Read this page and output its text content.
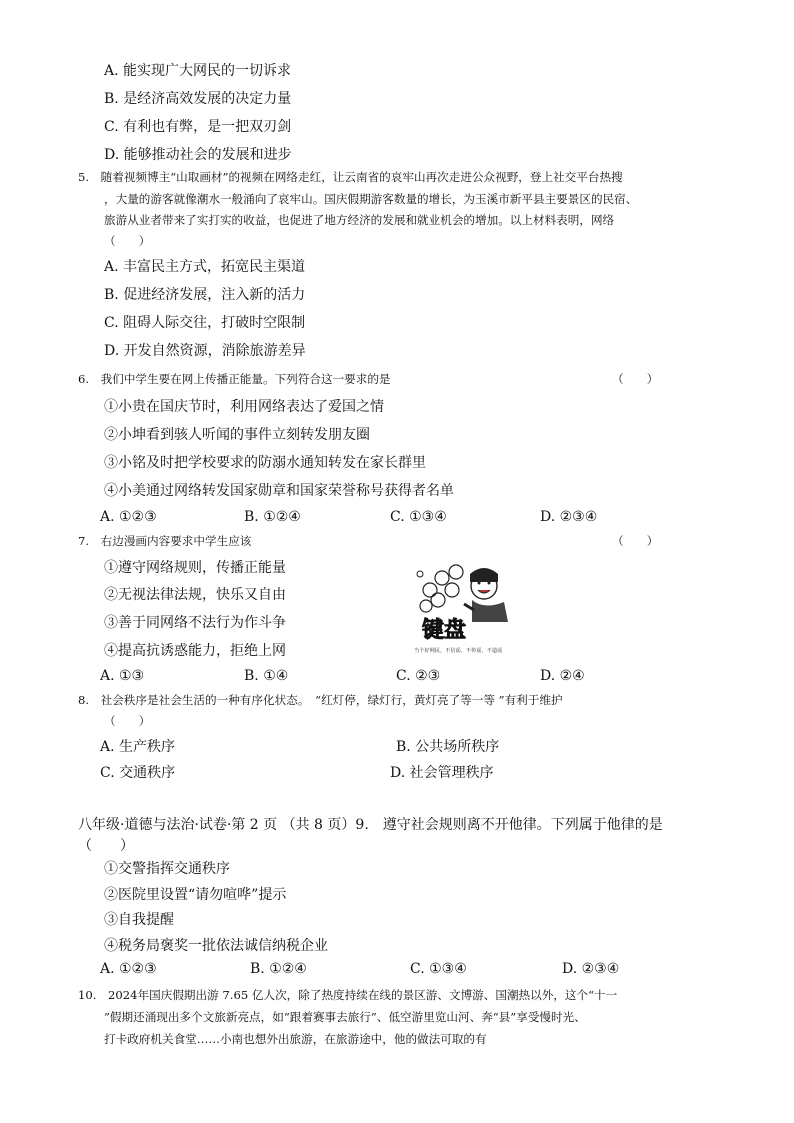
A. 能实现广大网民的一切诉求

B. 是经济高效发展的决定力量

C. 有利也有弊，是一把双刃剑

D. 能够推动社会的发展和进步

5.　随着视频博主“山取画材”的视频在网络走红，让云南省的哀牢山再次走进公众视野，登上社交平台热搜

，大量的游客就像潮水一般涌向了哀牢山。国庆假期游客数量的增长，为玉溪市新平县主要景区的民宿、

旅游从业者带来了实打实的收益，也促进了地方经济的发展和就业机会的增加。以上材料表明，网络

（　　）

A. 丰富民主方式，拓宽民主渠道

B. 促进经济发展，注入新的活力

C. 阻碍人际交往，打破时空限制

D. 开发自然资源，消除旅游差异

6.　我们中学生要在网上传播正能量。下列符合这一要求的是	（　　）

①小贵在国庆节时，利用网络表达了爱国之情

②小坤看到骇人听闻的事件立刻转发朋友圈

③小铭及时把学校要求的防溺水通知转发在家长群里

④小美通过网络转发国家勋章和国家荣誉称号获得者名单

A. ①②③	B. ①②④	C. ①③④	D. ②③④

7.　右边漫画内容要求中学生应该	（　　）

①遵守网络规则，传播正能量

②无视法律法规，快乐又自由

③善于同网络不法行为作斗争

④提高抗诱惑能力，拒绝上网

A. ①③	B. ①④	C. ②③	D. ②④

键盘
当个好网民，不信谣，不传谣，不造谣

8.　社会秩序是社会生活的一种有序化状态。　“红灯停，绿灯行，黄灯亮了等一等 ”有利于维护

（　　）

A. 生产秩序	B. 公共场所秩序

C. 交通秩序	D. 社会管理秩序

八年级·道德与法治·试卷·第 2 页 （共 8 页）9.　遵守社会规则离不开他律。下列属于他律的是

（　　）

①交警指挥交通秩序

②医院里设置“请勿喧哗”提示

③自我提醒

④税务局褒奖一批依法诚信纳税企业

A. ①②③	B. ①②④	C. ①③④	D. ②③④

10.　2024年国庆假期出游 7.65 亿人次，除了热度持续在线的景区游、文博游、国潮热以外，这个“十一

”假期还涌现出多个文旅新亮点，如“跟着赛事去旅行”、低空游里览山河、奔“县”享受慢时光、

打卡政府机关食堂……小南也想外出旅游，在旅游途中，他的做法可取的有
